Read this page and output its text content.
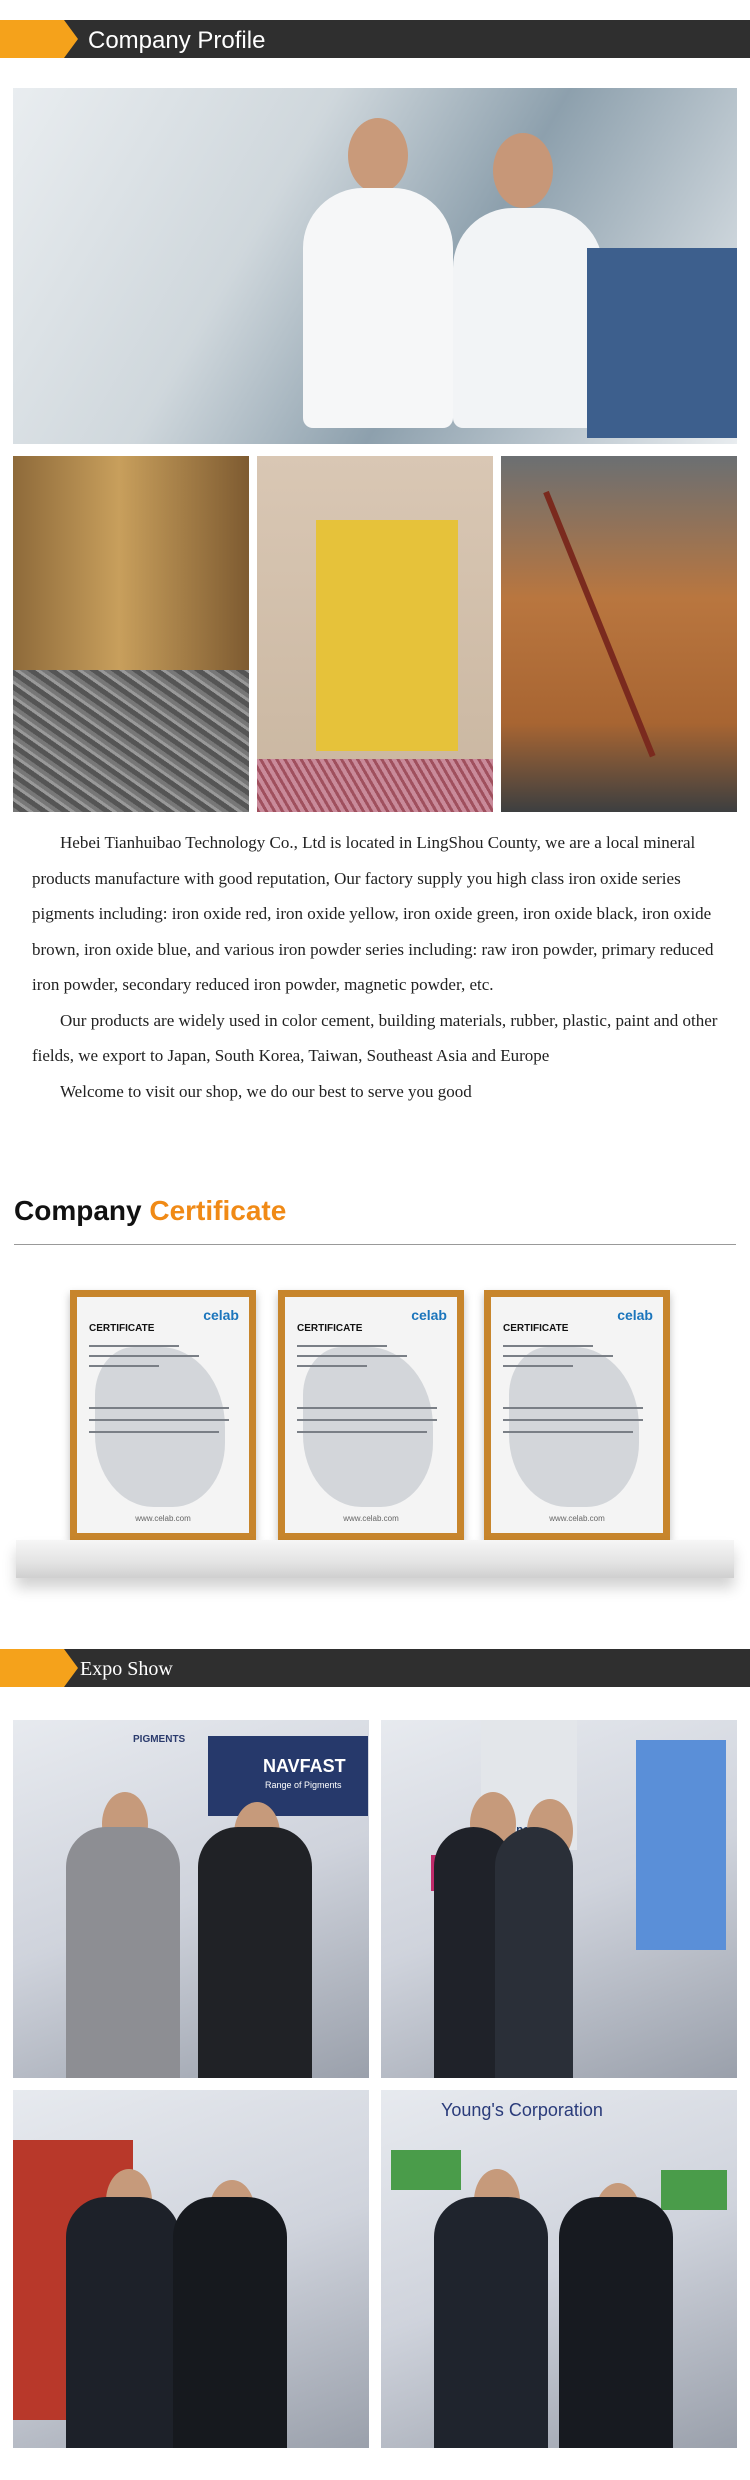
Company Profile

Hebei Tianhuibao Technology Co., Ltd is located in LingShou County, we are a local mineral products manufacture with good reputation, Our factory supply you high class iron oxide series pigments including: iron oxide red, iron oxide yellow, iron oxide green, iron oxide black, iron oxide brown, iron oxide blue, and various iron powder series including: raw iron powder, primary reduced iron powder, secondary reduced iron powder, magnetic powder, etc.

Our products are widely used in color cement, building materials, rubber, plastic, paint and other fields, we export to Japan, South Korea, Taiwan, Southeast Asia and Europe

Welcome to visit our shop, we do our best to serve you good

Company Certificate
celab
CERTIFICATE
www.celab.com
celab
CERTIFICATE
www.celab.com
celab
CERTIFICATE
www.celab.com
Expo Show
PIGMENTS
NAVFAST
Range of Pigments
Young's Corporation
